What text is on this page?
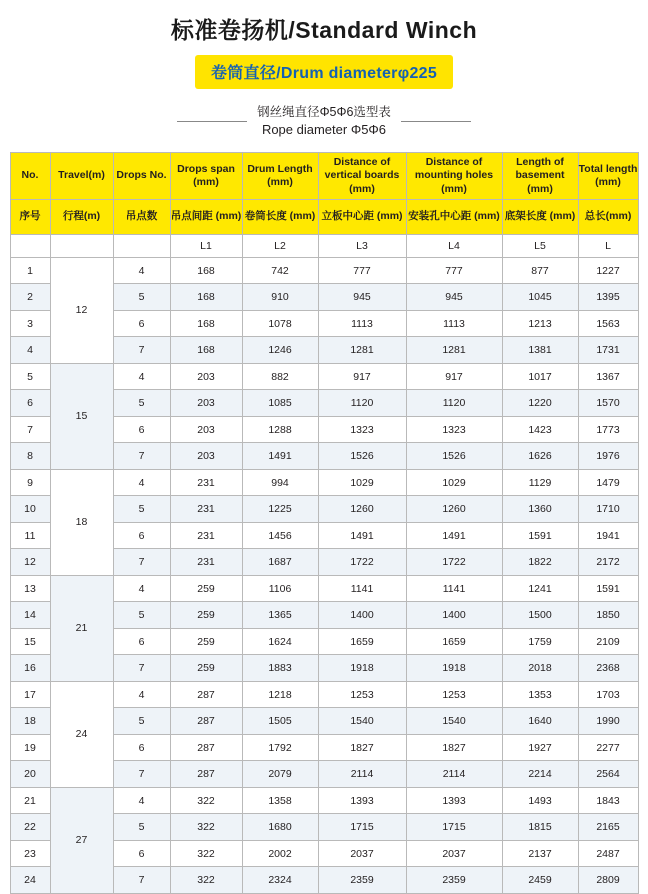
标准卷扬机/Standard Winch
卷筒直径/Drum diameterφ225
钢丝绳直径Φ5Φ6选型表
Rope diameter Φ5Φ6
No.	Travel(m)	Drops No.	Drops span (mm)	Drum Length (mm)	Distance of vertical boards (mm)	Distance of mounting holes (mm)	Length of basement (mm)	Total length (mm)
序号	行程(m)	吊点数	吊点间距 (mm)	卷筒长度 (mm)	立板中心距 (mm)	安装孔中心距 (mm)	底架长度 (mm)	总长(mm)
			L1	L2	L3	L4	L5	L
1	12	4	168	742	777	777	877	1227
2		5	168	910	945	945	1045	1395
3		6	168	1078	1113	1113	1213	1563
4		7	168	1246	1281	1281	1381	1731
5	15	4	203	882	917	917	1017	1367
6		5	203	1085	1120	1120	1220	1570
7		6	203	1288	1323	1323	1423	1773
8		7	203	1491	1526	1526	1626	1976
9	18	4	231	994	1029	1029	1129	1479
10		5	231	1225	1260	1260	1360	1710
11		6	231	1456	1491	1491	1591	1941
12		7	231	1687	1722	1722	1822	2172
13	21	4	259	1106	1141	1141	1241	1591
14		5	259	1365	1400	1400	1500	1850
15		6	259	1624	1659	1659	1759	2109
16		7	259	1883	1918	1918	2018	2368
17	24	4	287	1218	1253	1253	1353	1703
18		5	287	1505	1540	1540	1640	1990
19		6	287	1792	1827	1827	1927	2277
20		7	287	2079	2114	2114	2214	2564
21	27	4	322	1358	1393	1393	1493	1843
22		5	322	1680	1715	1715	1815	2165
23		6	322	2002	2037	2037	2137	2487
24		7	322	2324	2359	2359	2459	2809
